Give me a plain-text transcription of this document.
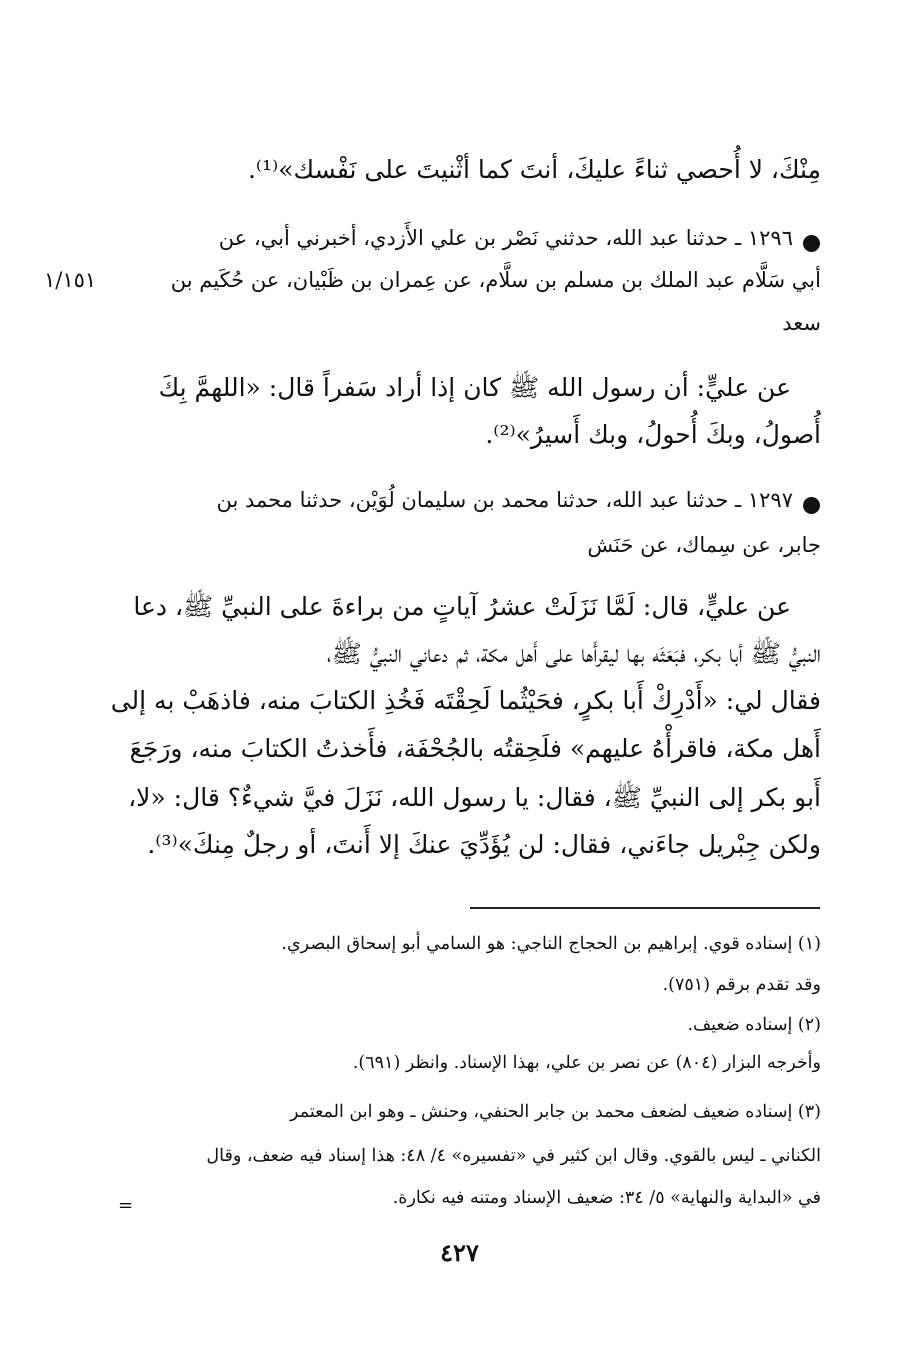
مِنْكَ، لا أُحصي ثناءً عليكَ، أنتَ كما أثْنيتَ على نَفْسك»⁽¹⁾.
١٢٩٦ ـ حدثنا عبد الله، حدثني نَصْر بن علي الأَزدي، أخبرني أبي، عن
أبي سَلَّام عبد الملك بن مسلم بن سلَّام، عن عِمران بن ظَبْيان، عن حُكَيم بن
سعد
١/١٥١
عن عليٍّ: أن رسول الله ﷺ كان إذا أراد سَفراً قال: «اللهمَّ بِكَ
أُصولُ، وبكَ أُحولُ، وبك أَسيرُ»⁽²⁾.
١٢٩٧ ـ حدثنا عبد الله، حدثنا محمد بن سليمان لُوَيْن، حدثنا محمد بن
جابر، عن سِماك، عن حَنَش
عن عليٍّ، قال: لَمَّا نَزَلَتْ عشرُ آياتٍ من براءةَ على النبيِّ ﷺ، دعا
النبيُّ ﷺ أبا بكر، فبَعَثَه بها ليقرأَها على أَهل مكة، ثم دعاني النبيُّ ﷺ،
فقال لي: «أَدْرِكْ أَبا بكرٍ، فحَيْثُما لَحِقْتَه فَخُذِ الكتابَ منه، فاذهَبْ به إلى
أَهل مكة، فاقرأْهُ عليهم» فلَحِقتُه بالجُحْفَة، فأَخذتُ الكتابَ منه، ورَجَعَ
أَبو بكر إلى النبيِّ ﷺ، فقال: يا رسول الله، نَزَلَ فيَّ شيءٌ؟ قال: «لا،
ولكن جِبْريل جاءَني، فقال: لن يُؤَدِّيَ عنكَ إلا أَنتَ، أو رجلٌ مِنكَ»⁽³⁾.
(١) إسناده قوي. إبراهيم بن الحجاج الناجي: هو السامي أبو إسحاق البصري.
وقد تقدم برقم (٧٥١).
(٢) إسناده ضعيف.
وأخرجه البزار (٨٠٤) عن نصر بن علي، بهذا الإسناد. وانظر (٦٩١).
(٣) إسناده ضعيف لضعف محمد بن جابر الحنفي، وحنش ـ وهو ابن المعتمر
الكناني ـ ليس بالقوي. وقال ابن كثير في «تفسيره» ٤/ ٤٨: هذا إسناد فيه ضعف، وقال
في «البداية والنهاية» ٥/ ٣٤: ضعيف الإسناد ومتنه فيه نكارة.
=
٤٢٧
